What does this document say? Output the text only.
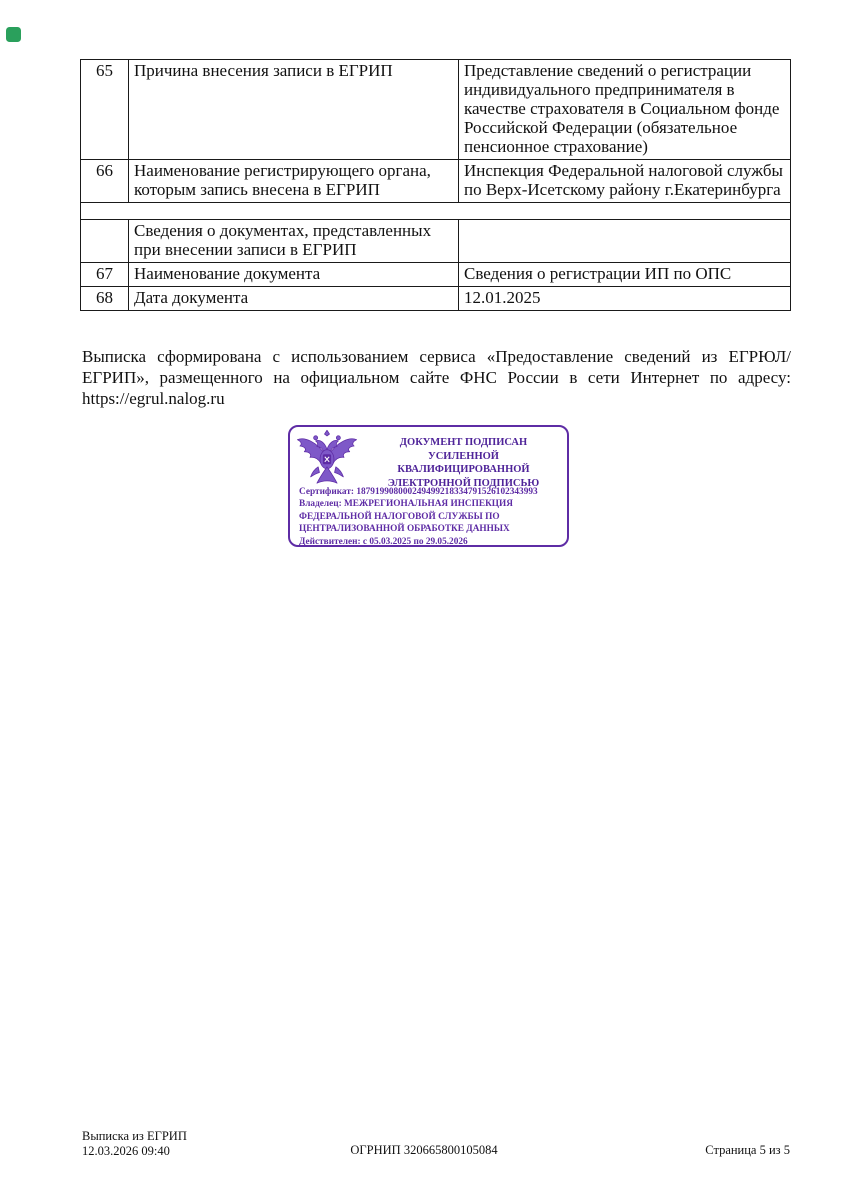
65	Причина внесения записи в ЕГРИП	Представление сведений о регистрации индивидуального предпринимателя в качестве страхователя в Социальном фонде Российской Федерации (обязательное пенсионное страхование)
66	Наименование регистрирующего органа, которым запись внесена в ЕГРИП	Инспекция Федеральной налоговой службы по Верх-Исетскому району г.Екатеринбурга

	Сведения о документах, представленных при внесении записи в ЕГРИП	
67	Наименование документа	Сведения о регистрации ИП по ОПС
68	Дата документа	12.01.2025
Выписка сформирована с использованием сервиса «Предоставление сведений из ЕГРЮЛ/ЕГРИП», размещенного на официальном сайте ФНС России в сети Интернет по адресу: https://egrul.nalog.ru
ДОКУМЕНТ ПОДПИСАН
УСИЛЕННОЙ КВАЛИФИЦИРОВАННОЙ
ЭЛЕКТРОННОЙ ПОДПИСЬЮ
Сертификат: 187919908000249499218334791526102343993
Владелец: МЕЖРЕГИОНАЛЬНАЯ ИНСПЕКЦИЯ ФЕДЕРАЛЬНОЙ НАЛОГОВОЙ СЛУЖБЫ ПО ЦЕНТРАЛИЗОВАННОЙ ОБРАБОТКЕ ДАННЫХ
Действителен: с 05.03.2025 по 29.05.2026
Выписка из ЕГРИП
12.03.2026 09:40	ОГРНИП 320665800105084	Страница 5 из 5
